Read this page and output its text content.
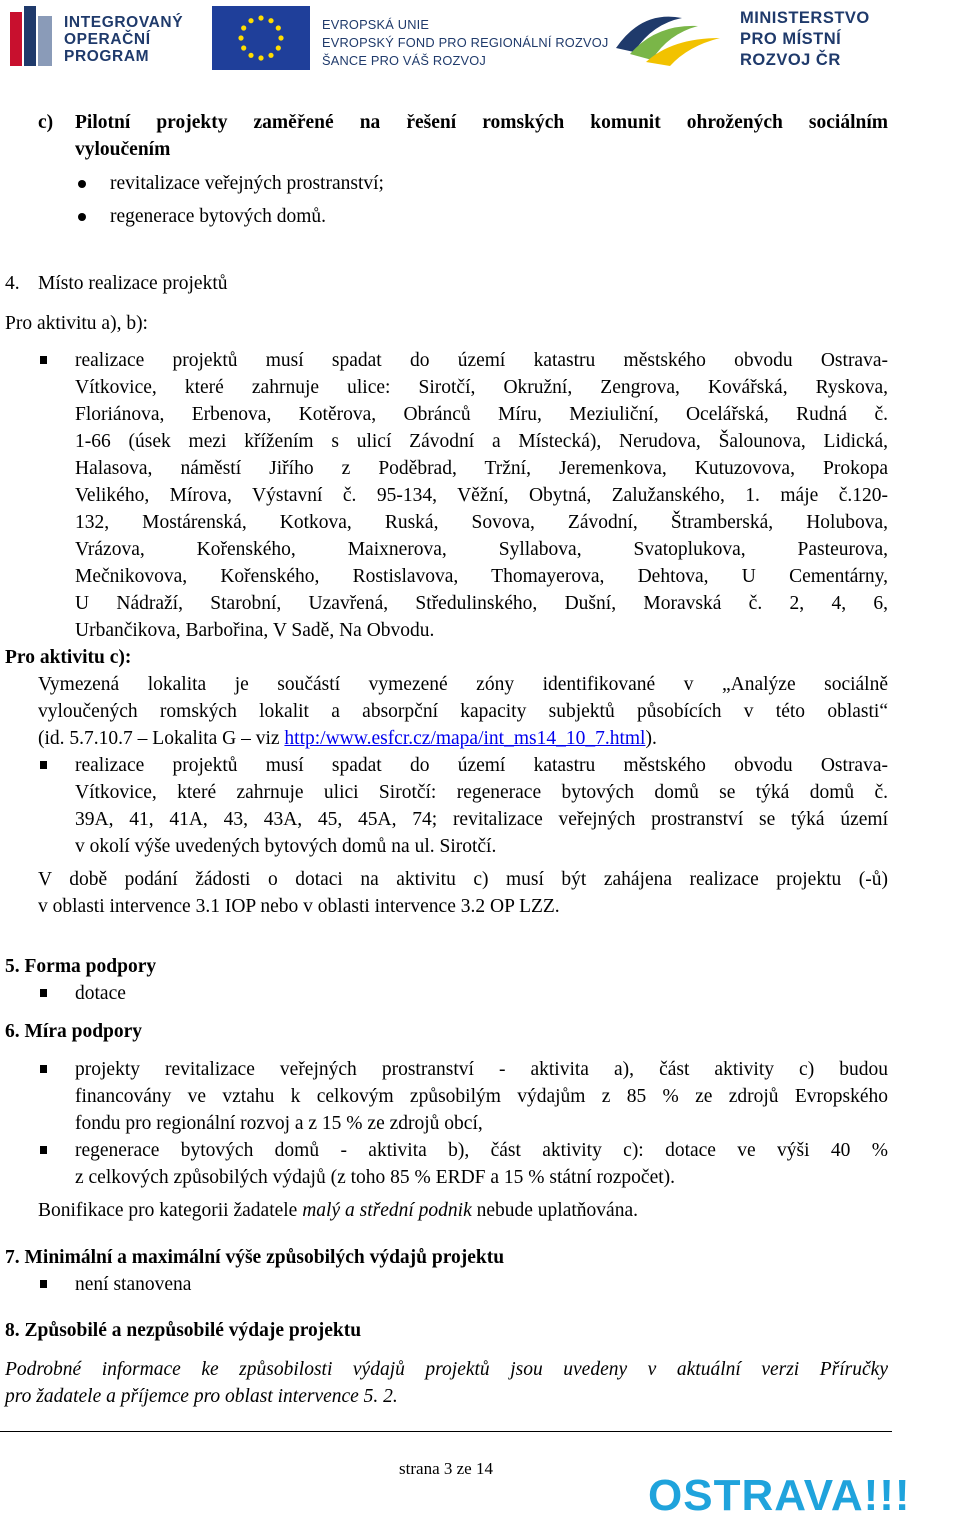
INTEGROVANÝ
OPERAČNÍ
PROGRAM
EVROPSKÁ UNIE
EVROPSKÝ FOND PRO REGIONÁLNÍ ROZVOJ
ŠANCE PRO VÁŠ ROZVOJ
MINISTERSTVO
PRO MÍSTNÍ
ROZVOJ ČR
c) Pilotní projekty zaměřené na řešení romských komunit ohrožených sociálním
vyloučením
revitalizace veřejných prostranství;
regenerace bytových domů.
4. Místo realizace projektů
Pro aktivitu a), b):
realizace projektů musí spadat do území katastru městského obvodu Ostrava-
Vítkovice, které zahrnuje ulice: Sirotčí, Okružní, Zengrova, Kovářská, Ryskova,
Floriánova, Erbenova, Kotěrova, Obránců Míru, Meziuliční, Ocelářská, Rudná č.
1-66 (úsek mezi křížením s ulicí Závodní a Místecká), Nerudova, Šalounova, Lidická,
Halasova, náměstí Jiřího z Poděbrad, Tržní, Jeremenkova, Kutuzovova, Prokopa
Velikého, Mírova, Výstavní č. 95-134, Věžní, Obytná, Zalužanského, 1. máje č.120-
132, Mostárenská, Kotkova, Ruská, Sovova, Závodní, Štramberská, Holubova,
Vrázova, Kořenského, Maixnerova, Syllabova, Svatoplukova, Pasteurova,
Mečnikovova, Kořenského, Rostislavova, Thomayerova, Dehtova, U Cementárny,
U Nádraží, Starobní, Uzavřená, Středulinského, Dušní, Moravská č. 2, 4, 6,
Urbančikova, Barbořina, V Sadě, Na Obvodu.
Pro aktivitu c):
Vymezená lokalita je součástí vymezené zóny identifikované v „Analýze sociálně
vyloučených romských lokalit a absorpční kapacity subjektů působících v této oblasti“
(id. 5.7.10.7 – Lokalita G – viz http:/www.esfcr.cz/mapa/int_ms14_10_7.html).
realizace projektů musí spadat do území katastru městského obvodu Ostrava-
Vítkovice, které zahrnuje ulici Sirotčí: regenerace bytových domů se týká domů č.
39A, 41, 41A, 43, 43A, 45, 45A, 74; revitalizace veřejných prostranství se týká území
v okolí výše uvedených bytových domů na ul. Sirotčí.
V době podání žádosti o dotaci na aktivitu c) musí být zahájena realizace projektu (-ů)
v oblasti intervence 3.1 IOP nebo v oblasti intervence 3.2 OP LZZ.
5. Forma podpory
dotace
6. Míra podpory
projekty revitalizace veřejných prostranství - aktivita a), část aktivity c) budou
financovány ve vztahu k celkovým způsobilým výdajům z 85 % ze zdrojů Evropského
fondu pro regionální rozvoj a z 15 % ze zdrojů obcí,
regenerace bytových domů - aktivita b), část aktivity c): dotace ve výši 40 %
z celkových způsobilých výdajů (z toho 85 % ERDF a 15 % státní rozpočet).
Bonifikace pro kategorii žadatele malý a střední podnik nebude uplatňována.
7. Minimální a maximální výše způsobilých výdajů projektu
není stanovena
8. Způsobilé a nezpůsobilé výdaje projektu
Podrobné informace ke způsobilosti výdajů projektů jsou uvedeny v aktuální verzi Příručky
pro žadatele a příjemce pro oblast intervence 5. 2.
strana 3 ze 14
OSTRAVA!!!
